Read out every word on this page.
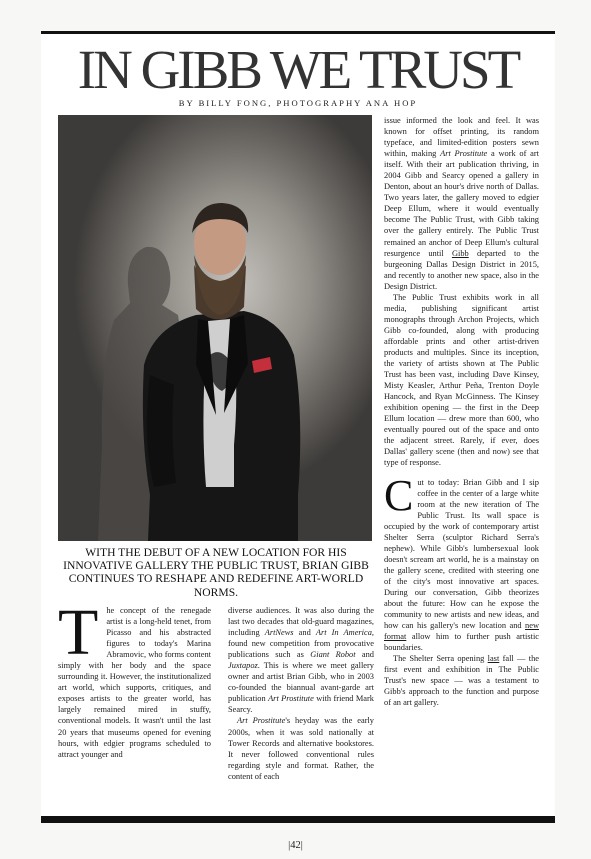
IN GIBB WE TRUST
BY BILLY FONG, PHOTOGRAPHY ANA HOP
WITH THE DEBUT OF A NEW LOCATION FOR HIS INNOVATIVE GALLERY THE PUBLIC TRUST, BRIAN GIBB CONTINUES TO RESHAPE AND REDEFINE ART-WORLD NORMS.

The concept of the renegade artist is a long-held tenet, from Picasso and his abstracted figures to today's Marina Abramovic, who forms content simply with her body and the space surrounding it. However, the institutionalized art world, which supports, critiques, and exposes artists to the greater world, has largely remained mired in stuffy, conventional models. It wasn't until the last 20 years that museums opened for evening hours, with edgier programs scheduled to attract younger and

diverse audiences. It was also during the last two decades that old-guard magazines, including ArtNews and Art In America, found new competition from provocative publications such as Giant Robot and Juxtapoz. This is where we meet gallery owner and artist Brian Gibb, who in 2003 co-founded the biannual avant-garde art publication Art Prostitute with friend Mark Searcy.

Art Prostitute's heyday was the early 2000s, when it was sold nationally at Tower Records and alternative bookstores. It never followed conventional rules regarding style and format. Rather, the content of each

issue informed the look and feel. It was known for offset printing, its random typeface, and limited-edition posters sewn within, making Art Prostitute a work of art itself. With their art publication thriving, in 2004 Gibb and Searcy opened a gallery in Denton, about an hour's drive north of Dallas. Two years later, the gallery moved to edgier Deep Ellum, where it would eventually become The Public Trust, with Gibb taking over the gallery entirely. The Public Trust remained an anchor of Deep Ellum's cultural resurgence until Gibb departed to the burgeoning Dallas Design District in 2015, and recently to another new space, also in the Design District.

The Public Trust exhibits work in all media, publishing significant artist monographs through Archon Projects, which Gibb co-founded, along with producing affordable prints and other artist-driven products and multiples. Since its inception, the variety of artists shown at The Public Trust has been vast, including Dave Kinsey, Misty Keasler, Arthur Peña, Trenton Doyle Hancock, and Ryan McGinness. The Kinsey exhibition opening — the first in the Deep Ellum location — drew more than 600, who eventually poured out of the space and onto the adjacent street. Rarely, if ever, does Dallas' gallery scene (then and now) see that type of response.

Cut to today: Brian Gibb and I sip coffee in the center of a large white room at the new iteration of The Public Trust. Its wall space is occupied by the work of contemporary artist Shelter Serra (sculptor Richard Serra's nephew). While Gibb's lumbersexual look doesn't scream art world, he is a mainstay on the gallery scene, credited with steering one of the city's most innovative art spaces. During our conversation, Gibb theorizes about the future: How can he expose the community to new artists and new ideas, and how can his gallery's new location and new format allow him to further push artistic boundaries.

The Shelter Serra opening last fall — the first event and exhibition in The Public Trust's new space — was a testament to Gibb's approach to the function and purpose of an art gallery.

|42|
